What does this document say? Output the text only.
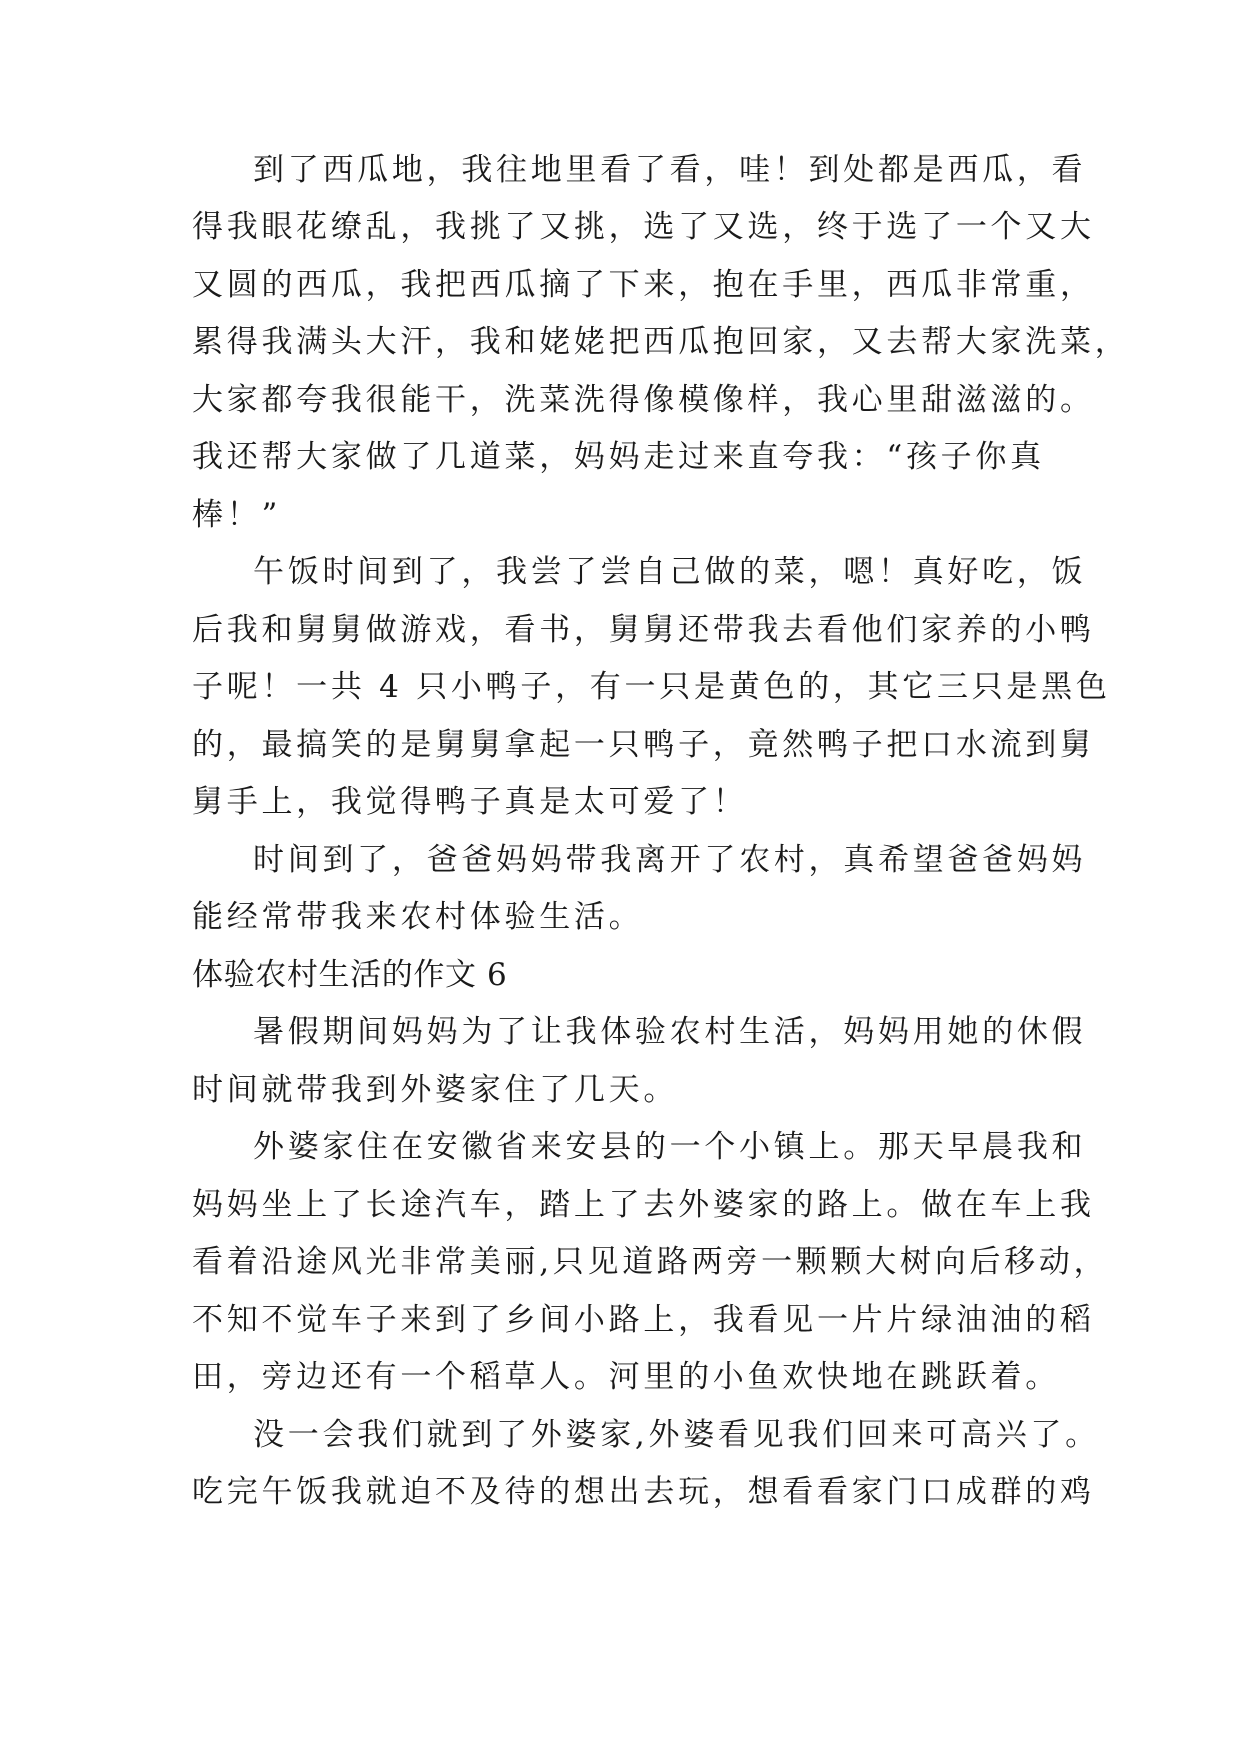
到了西瓜地，我往地里看了看，哇！到处都是西瓜，看
得我眼花缭乱，我挑了又挑，选了又选，终于选了一个又大
又圆的西瓜，我把西瓜摘了下来，抱在手里，西瓜非常重，
累得我满头大汗，我和姥姥把西瓜抱回家，又去帮大家洗菜，
大家都夸我很能干，洗菜洗得像模像样，我心里甜滋滋的。
我还帮大家做了几道菜，妈妈走过来直夸我：“孩子你真
棒！”
午饭时间到了，我尝了尝自己做的菜，嗯！真好吃，饭
后我和舅舅做游戏，看书，舅舅还带我去看他们家养的小鸭
子呢！一共 4 只小鸭子，有一只是黄色的，其它三只是黑色
的，最搞笑的是舅舅拿起一只鸭子，竟然鸭子把口水流到舅
舅手上，我觉得鸭子真是太可爱了！
时间到了，爸爸妈妈带我离开了农村，真希望爸爸妈妈
能经常带我来农村体验生活。
体验农村生活的作文 6
暑假期间妈妈为了让我体验农村生活，妈妈用她的休假
时间就带我到外婆家住了几天。
外婆家住在安徽省来安县的一个小镇上。那天早晨我和
妈妈坐上了长途汽车，踏上了去外婆家的路上。做在车上我
看着沿途风光非常美丽,只见道路两旁一颗颗大树向后移动，
不知不觉车子来到了乡间小路上，我看见一片片绿油油的稻
田，旁边还有一个稻草人。河里的小鱼欢快地在跳跃着。
没一会我们就到了外婆家,外婆看见我们回来可高兴了。
吃完午饭我就迫不及待的想出去玩，想看看家门口成群的鸡
